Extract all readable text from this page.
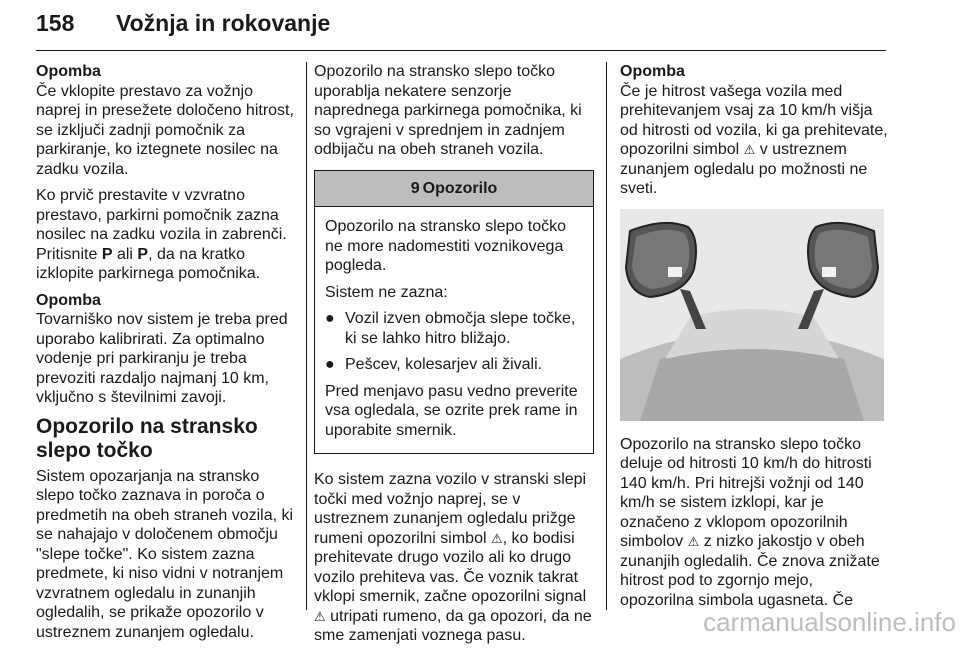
158 Vožnja in rokovanje
Opomba

Če vklopite prestavo za vožnjo naprej in presežete določeno hitrost, se izključi zadnji pomočnik za parkiranje, ko iztegnete nosilec na zadku vozila.

Ko prvič prestavite v vzvratno prestavo, parkirni pomočnik zazna nosilec na zadku vozila in zabrenči. Pritisnite P ali P, da na kratko izklopite parkirnega pomočnika.

Opomba

Tovarniško nov sistem je treba pred uporabo kalibrirati. Za optimalno vodenje pri parkiranju je treba prevoziti razdaljo najmanj 10 km, vključno s številnimi zavoji.

Opozorilo na stransko slepo točko

Sistem opozarjanja na stransko slepo točko zaznava in poroča o predmetih na obeh straneh vozila, ki se nahajajo v določenem območju "slepe točke". Ko sistem zazna predmete, ki niso vidni v notranjem vzvratnem ogledalu in zunanjih ogledalih, se prikaže opozorilo v ustreznem zunanjem ogledalu.

Opozorilo na stransko slepo točko uporablja nekatere senzorje naprednega parkirnega pomočnika, ki so vgrajeni v sprednjem in zadnjem odbijaču na obeh straneh vozila.

9 Opozorilo

Opozorilo na stransko slepo točko ne more nadomestiti voznikovega pogleda.

Sistem ne zazna:

● Vozil izven območja slepe točke, ki se lahko hitro bližajo.
● Pešcev, kolesarjev ali živali.

Pred menjavo pasu vedno preverite vsa ogledala, se ozrite prek rame in uporabite smernik.

Ko sistem zazna vozilo v stranski slepi točki med vožnjo naprej, se v ustreznem zunanjem ogledalu prižge rumeni opozorilni simbol ⚠, ko bodisi prehitevate drugo vozilo ali ko drugo vozilo prehiteva vas. Če voznik takrat vklopi smernik, začne opozorilni signal ⚠ utripati rumeno, da ga opozori, da ne sme zamenjati voznega pasu.

Opomba

Če je hitrost vašega vozila med prehitevanjem vsaj za 10 km/h višja od hitrosti od vozila, ki ga prehitevate, opozorilni simbol ⚠ v ustreznem zunanjem ogledalu po možnosti ne sveti.

Opozorilo na stransko slepo točko deluje od hitrosti 10 km/h do hitrosti 140 km/h. Pri hitrejši vožnji od 140 km/h se sistem izklopi, kar je označeno z vklopom opozorilnih simbolov ⚠ z nizko jakostjo v obeh zunanjih ogledalih. Če znova znižate hitrost pod to zgornjo mejo, opozorilna simbola ugasneta. Če

carmanualsonline.info
